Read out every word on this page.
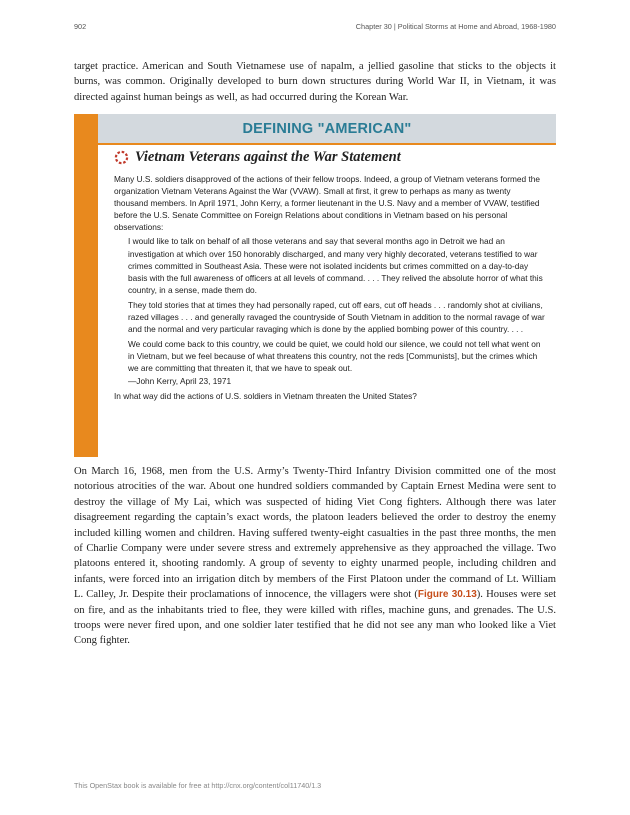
902	Chapter 30 | Political Storms at Home and Abroad, 1968-1980

target practice. American and South Vietnamese use of napalm, a jellied gasoline that sticks to the objects it burns, was common. Originally developed to burn down structures during World War II, in Vietnam, it was directed against human beings as well, as had occurred during the Korean War.

DEFINING "AMERICAN"
Vietnam Veterans against the War Statement

Many U.S. soldiers disapproved of the actions of their fellow troops. Indeed, a group of Vietnam veterans formed the organization Vietnam Veterans Against the War (VVAW). Small at first, it grew to perhaps as many as twenty thousand members. In April 1971, John Kerry, a former lieutenant in the U.S. Navy and a member of VVAW, testified before the U.S. Senate Committee on Foreign Relations about conditions in Vietnam based on his personal observations:

I would like to talk on behalf of all those veterans and say that several months ago in Detroit we had an investigation at which over 150 honorably discharged, and many very highly decorated, veterans testified to war crimes committed in Southeast Asia. These were not isolated incidents but crimes committed on a day-to-day basis with the full awareness of officers at all levels of command. . . . They relived the absolute horror of what this country, in a sense, made them do.

They told stories that at times they had personally raped, cut off ears, cut off heads . . . randomly shot at civilians, razed villages . . . and generally ravaged the countryside of South Vietnam in addition to the normal ravage of war and the normal and very particular ravaging which is done by the applied bombing power of this country. . . .

We could come back to this country, we could be quiet, we could hold our silence, we could not tell what went on in Vietnam, but we feel because of what threatens this country, not the reds [Communists], but the crimes which we are committing that threaten it, that we have to speak out.

—John Kerry, April 23, 1971

In what way did the actions of U.S. soldiers in Vietnam threaten the United States?

On March 16, 1968, men from the U.S. Army’s Twenty-Third Infantry Division committed one of the most notorious atrocities of the war. About one hundred soldiers commanded by Captain Ernest Medina were sent to destroy the village of My Lai, which was suspected of hiding Viet Cong fighters. Although there was later disagreement regarding the captain’s exact words, the platoon leaders believed the order to destroy the enemy included killing women and children. Having suffered twenty-eight casualties in the past three months, the men of Charlie Company were under severe stress and extremely apprehensive as they approached the village. Two platoons entered it, shooting randomly. A group of seventy to eighty unarmed people, including children and infants, were forced into an irrigation ditch by members of the First Platoon under the command of Lt. William L. Calley, Jr. Despite their proclamations of innocence, the villagers were shot (Figure 30.13). Houses were set on fire, and as the inhabitants tried to flee, they were killed with rifles, machine guns, and grenades. The U.S. troops were never fired upon, and one soldier later testified that he did not see any man who looked like a Viet Cong fighter.

This OpenStax book is available for free at http://cnx.org/content/col11740/1.3
